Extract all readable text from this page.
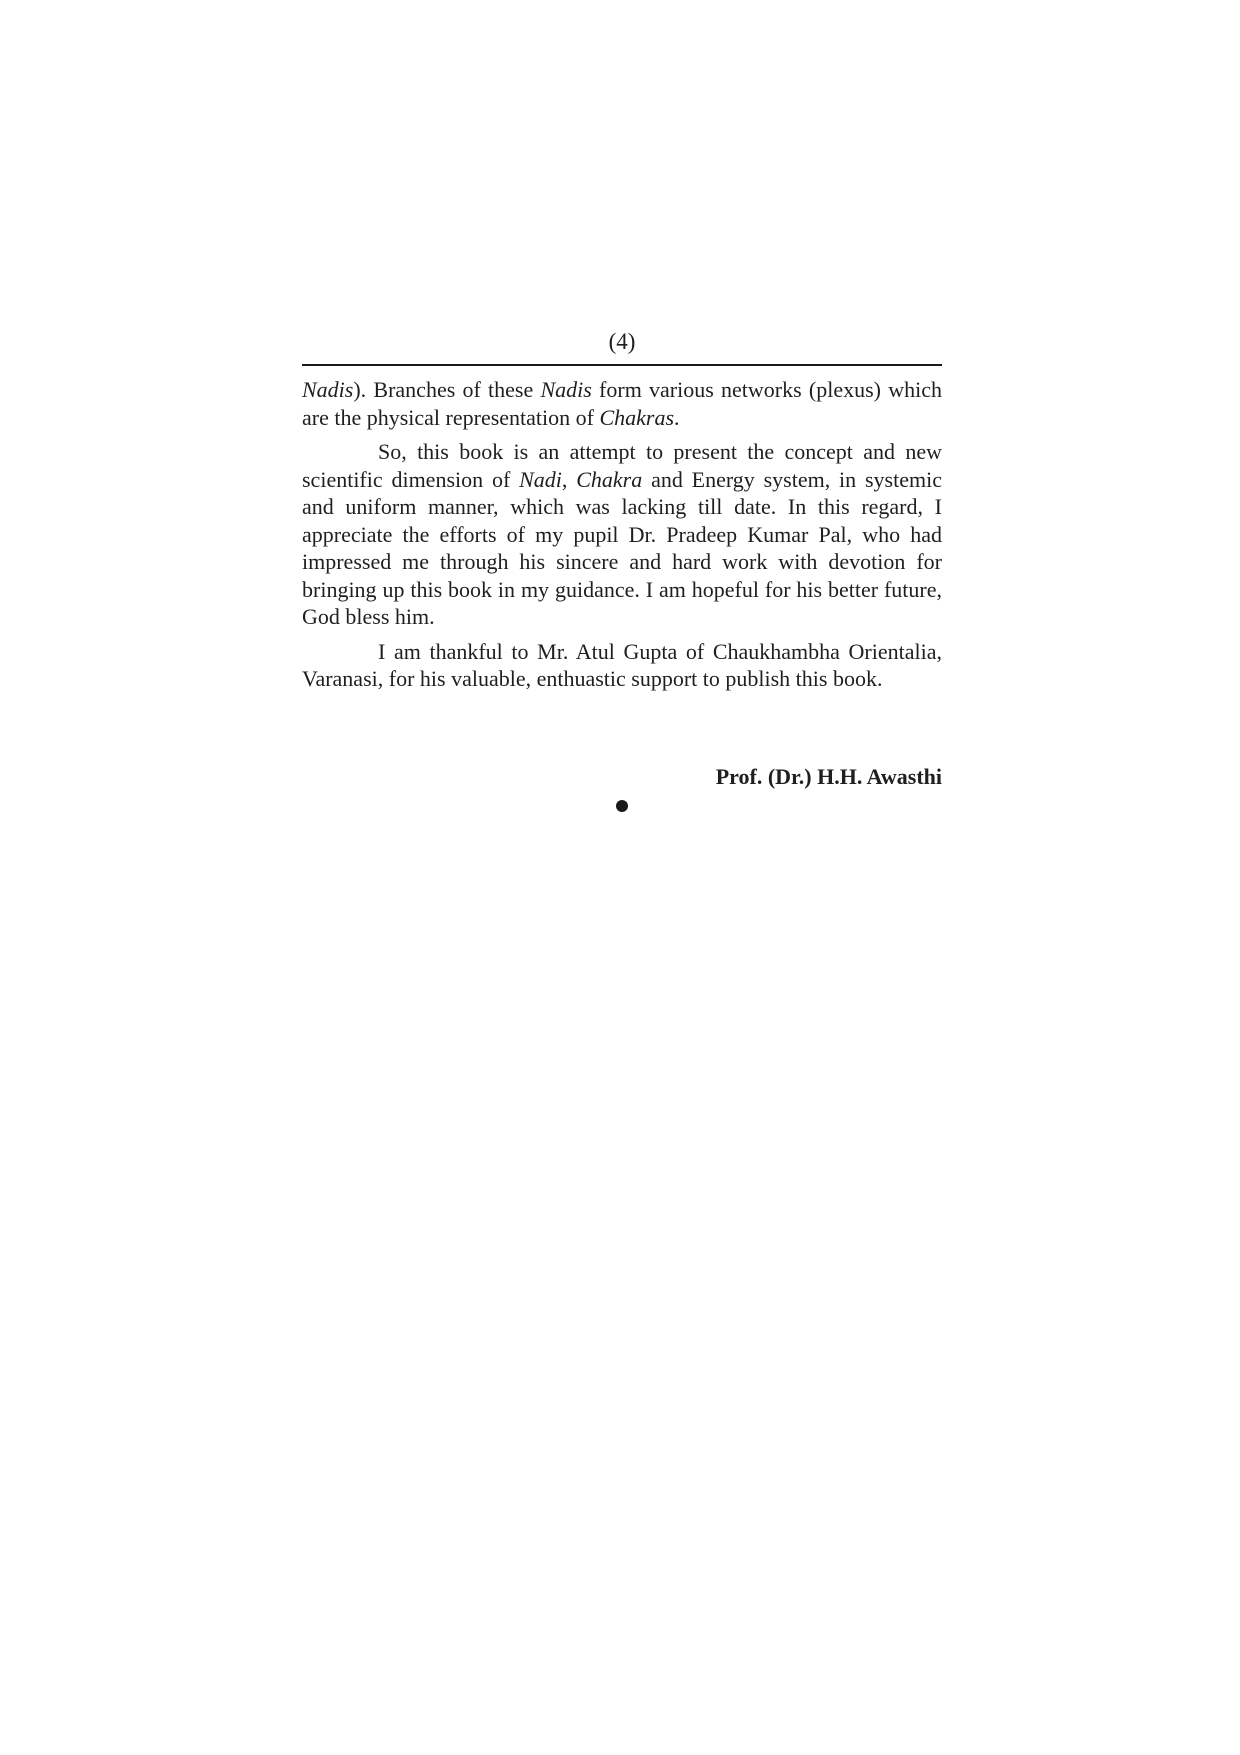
(4)

Nadis). Branches of these Nadis form various networks (plexus) which are the physical representation of Chakras.

So, this book is an attempt to present the concept and new scientific dimension of Nadi, Chakra and Energy system, in systemic and uniform manner, which was lacking till date. In this regard, I appreciate the efforts of my pupil Dr. Pradeep Kumar Pal, who had impressed me through his sincere and hard work with devotion for bringing up this book in my guidance. I am hopeful for his better future, God bless him.

I am thankful to Mr. Atul Gupta of Chaukhambha Orientalia, Varanasi, for his valuable, enthuastic support to publish this book.

Prof. (Dr.) H.H. Awasthi
